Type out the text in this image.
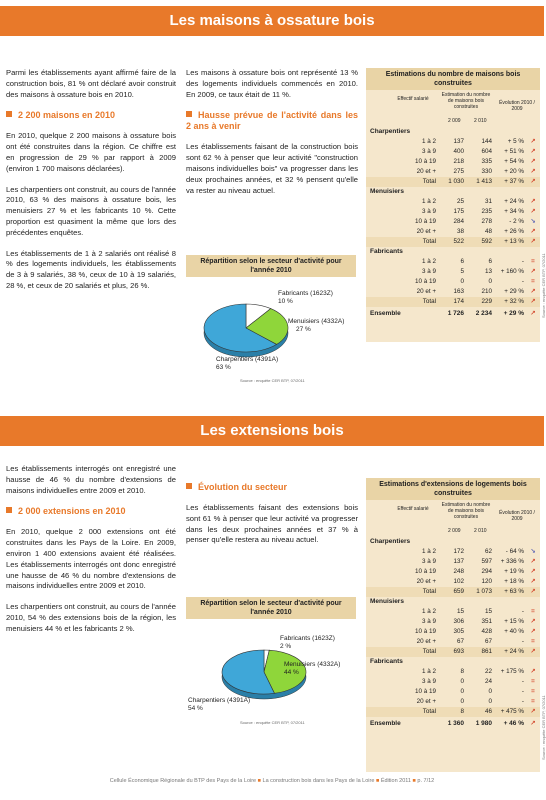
Les maisons à ossature bois

Parmi les établissements ayant affirmé faire de la construction bois, 81 % ont déclaré avoir construit des maisons à ossature bois en 2010.

2 200 maisons en 2010

En 2010, quelque 2 200 maisons à ossature bois ont été construites dans la région. Ce chiffre est en progression de 29 % par rapport à 2009 (environ 1 700 maisons déclarées).

Les charpentiers ont construit, au cours de l'année 2010, 63 % des maisons à ossature bois, les menuisiers 27 % et les fabricants 10 %. Cette proportion est quasiment la même que lors des précédentes enquêtes.

Les établissements de 1 à 2 salariés ont réalisé 8 % des logements individuels, les établissements de 3 à 9 salariés, 38 %, ceux de 10 à 19 salariés, 28 %, et ceux de 20 salariés et plus, 26 %.

Les maisons à ossature bois ont représenté 13 % des logements individuels commencés en 2010. En 2009, ce taux était de 11 %.

Hausse prévue de l'activité dans les 2 ans à venir

Les établissements faisant de la construction bois sont 62 % à penser que leur activité "construction maisons individuelles bois" va progresser dans les deux prochaines années, et 32 % pensent qu'elle va rester au niveau actuel.

Répartition selon le secteur d'activité pour l'année 2010
Fabricants (1623Z)
10 %
Menuisiers (4332A)
27 %
Charpentiers (4391A)
63 %
Source : enquête CER BTP, 07/2011
Estimations du nombre de maisons bois construites
Effectif salarié
Estimation du nombre de maisons bois construites
Évolution 2010 / 2009
2 009	2 010
Charpentiers
1 à 2	137	144	+ 5 %	↗
3 à 9	400	604	+ 51 %	↗
10 à 19	218	335	+ 54 %	↗
20 et +	275	330	+ 20 %	↗
Total	1 030	1 413	+ 37 %	↗
Menuisiers
1 à 2	25	31	+ 24 %	↗
3 à 9	175	235	+ 34 %	↗
10 à 19	284	278	- 2 %	↘
20 et +	38	48	+ 26 %	↗
Total	522	592	+ 13 %	↗
Fabricants
1 à 2	6	6	-	=
3 à 9	5	13	+ 160 %	↗
10 à 19	0	0	-	=
20 et +	163	210	+ 29 %	↗
Total	174	229	+ 32 %	↗
Ensemble	1 726	2 234	+ 29 % ↗	Source : enquête CER BTP, 07/2011
Les extensions bois

Les établissements interrogés ont enregistré une hausse de 46 % du nombre d'extensions de maisons individuelles entre 2009 et 2010.

2 000 extensions en 2010

En 2010, quelque 2 000 extensions ont été construites dans les Pays de la Loire. En 2009, environ 1 400 extensions avaient été réalisées. Les établissements interrogés ont donc enregistré une hausse de 46 % du nombre d'extensions de maisons individuelles entre 2009 et 2010.

Les charpentiers ont construit, au cours de l'année 2010, 54 % des extensions bois de la région, les menuisiers 44 % et les fabricants 2 %.

Évolution du secteur

Les établissements faisant des extensions bois sont 61 % à penser que leur activité va progresser dans les deux prochaines années et 37 % à penser qu'elle restera au niveau actuel.

Répartition selon le secteur d'activité pour l'année 2010
Fabricants (1623Z)
2 %
Menuisiers (4332A)
44 %
Charpentiers (4391A)
54 %
Source : enquête CER BTP, 07/2011
Estimations d'extensions de logements bois construites
Effectif salarié
Estimation du nombre de maisons bois construites
Évolution 2010 / 2009
2 009	2 010
Charpentiers
1 à 2	172	62	- 64 %	↘
3 à 9	137	597	+ 336 %	↗
10 à 19	248	294	+ 19 %	↗
20 et +	102	120	+ 18 %	↗
Total	659	1 073	+ 63 %	↗
Menuisiers
1 à 2	15	15	-	=
3 à 9	306	351	+ 15 %	↗
10 à 19	305	428	+ 40 %	↗
20 et +	67	67	-	=
Total	693	861	+ 24 %	↗
Fabricants
1 à 2	8	22	+ 175 %	↗
3 à 9	0	24	-	=
10 à 19	0	0	-	=
20 et +	0	0	-	=
Total	8	46	+ 475 %	↗
Ensemble	1 360	1 980	+ 46 % ↗	Source : enquête CER BTP, 07/2011
Cellule Économique Régionale du BTP des Pays de la Loire ■ La construction bois dans les Pays de la Loire ■ Édition 2011 ■ p. 7/12
